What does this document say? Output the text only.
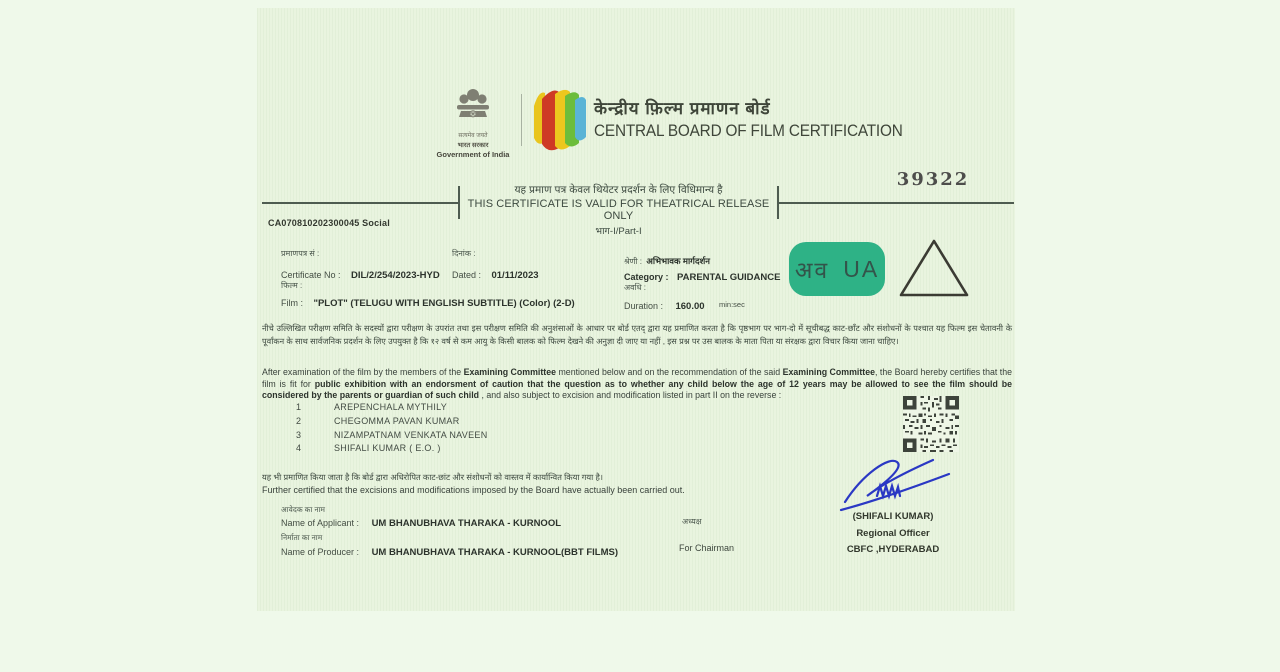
सत्यमेव जयते
भारत सरकार
Government of India
केन्द्रीय फ़िल्म प्रमाणन बोर्ड
CENTRAL BOARD OF FILM CERTIFICATION
39322
यह प्रमाण पत्र केवल थियेटर प्रदर्शन के लिए विधिमान्य है
THIS CERTIFICATE IS VALID FOR THEATRICAL RELEASE ONLY
भाग-I/Part-I
CA070810202300045 Social
प्रमाणपत्र सं :
Certificate No : DIL/2/254/2023-HYD
फिल्म :
Film : "PLOT" (TELUGU WITH ENGLISH SUBTITLE) (Color) (2-D)
दिनांक :
Dated : 01/11/2023
श्रेणी : अभिभावक मार्गदर्शन
Category : PARENTAL GUIDANCE
अवधि :
Duration : 160.00 min:sec
अव UA
नीचे उल्लिखित परीक्षण समिति के सदस्यों द्वारा परीक्षण के उपरांत तथा इस परीक्षण समिति की अनुशंसाओं के आधार पर बोर्ड एतद् द्वारा यह प्रमाणित करता है कि पृष्ठभाग पर भाग-दो में सूचीबद्ध काट-छाँट और संशोधनों के पश्चात यह फिल्म इस चेतावनी के पूर्वांकन के साथ सार्वजनिक प्रदर्शन के लिए उपयुक्त है कि १२ वर्ष से कम आयु के किसी बालक को फिल्म देखने की अनुज्ञा दी जाए या नहीं , इस प्रश्न पर उस बालक के माता पिता या संरक्षक द्वारा विचार किया जाना चाहिए।
After examination of the film by the members of the Examining Committee mentioned below and on the recommendation of the said Examining Committee, the Board hereby certifies that the film is fit for public exhibition with an endorsment of caution that the question as to whether any child below the age of 12 years may be allowed to see the film should be considered by the parents or guardian of such child , and also subject to excision and modification listed in part II on the reverse :
1	AREPENCHALA MYTHILY
2	CHEGOMMA PAVAN KUMAR
3	NIZAMPATNAM VENKATA NAVEEN
4	SHIFALI KUMAR ( E.O. )
यह भी प्रमाणित किया जाता है कि बोर्ड द्वारा अधिरोपित काट-छांट और संशोधनों को वास्तव में कार्यान्वित किया गया है।
Further certified that the excisions and modifications imposed by the Board have actually been carried out.
(SHIFALI KUMAR)
Regional Officer
CBFC ,HYDERABAD
अध्यक्ष
For Chairman
आवेदक का नाम
Name of Applicant : UM BHANUBHAVA THARAKA - KURNOOL
निर्माता का नाम
Name of Producer : UM BHANUBHAVA THARAKA - KURNOOL(BBT FILMS)
